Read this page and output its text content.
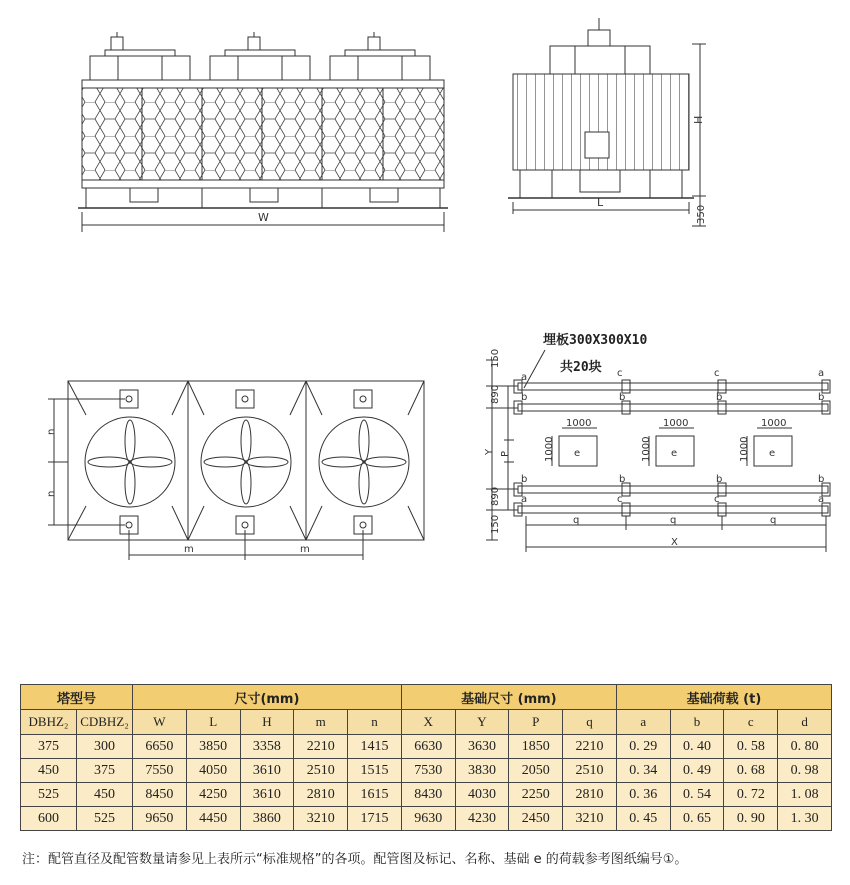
W
L
H
350
n
n
m	m
150
890
Y P
890
150
X
q	q	q
1000	1000	1000
1000	1000	1000
e	e	e
a	c	c	a
b	b	b	b
b	b	b	b
a	c	c	a
埋板300X300X10
共20块
塔型号		尺寸(mm)					基础尺寸 (mm)				基础荷载 (t)			
DBHZ₂	CDBHZ₂	W	L	H	m	n	X	Y	P	q	a	b	c	d
375	300	6650	3850	3358	2210	1415	6630	3630	1850	2210	0. 29	0. 40	0. 58	0. 80
450	375	7550	4050	3610	2510	1515	7530	3830	2050	2510	0. 34	0. 49	0. 68	0. 98
525	450	8450	4250	3610	2810	1615	8430	4030	2250	2810	0. 36	0. 54	0. 72	1. 08
600	525	9650	4450	3860	3210	1715	9630	4230	2450	3210	0. 45	0. 65	0. 90	1. 30
注：配管直径及配管数量请参见上表所示“标准规格”的各项。配管图及标记、名称、基础 e 的荷载参考图纸编号①。
